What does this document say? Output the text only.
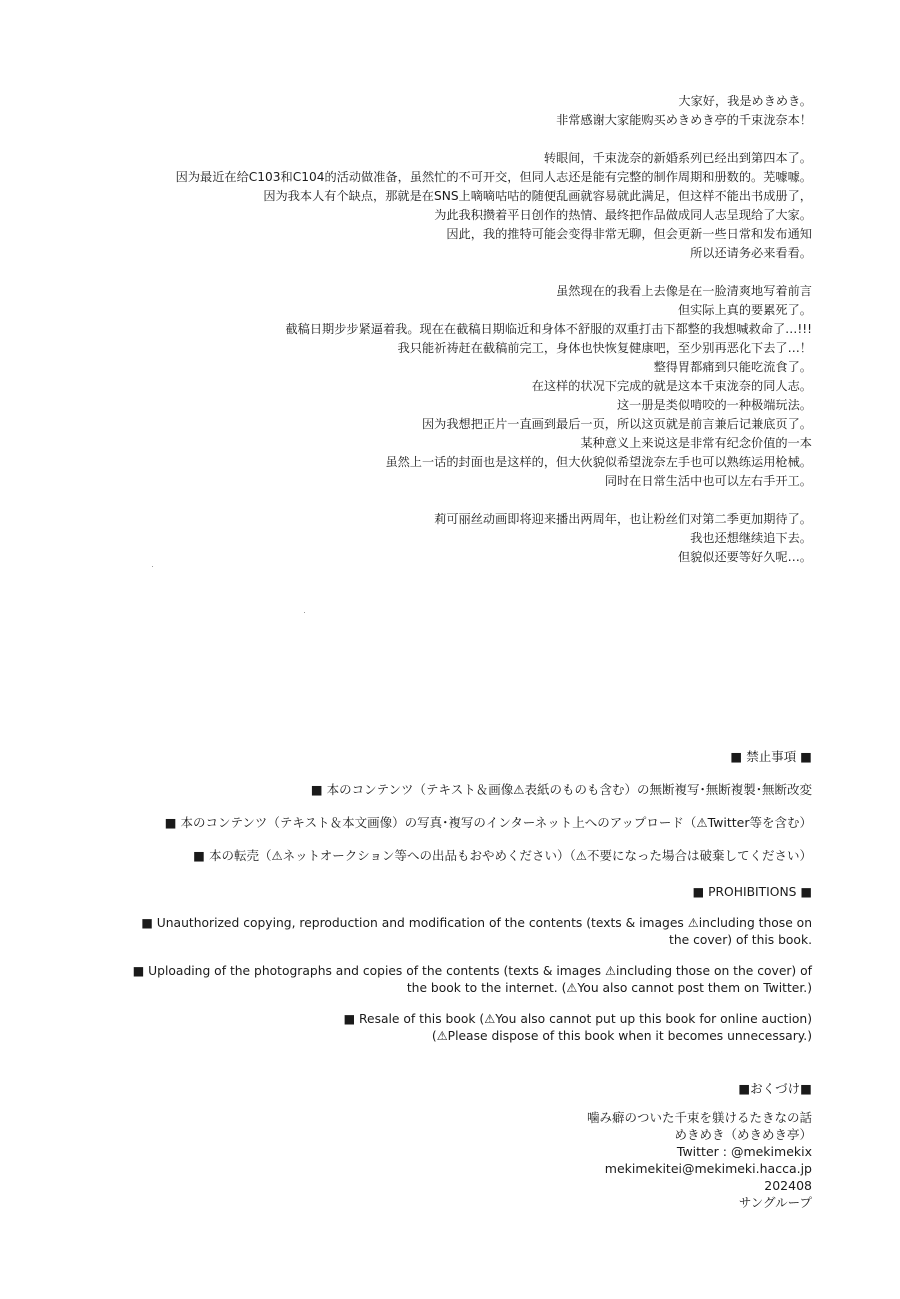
大家好，我是めきめき。
非常感谢大家能购买めきめき亭的千束泷奈本！
转眼间，千束泷奈的新婚系列已经出到第四本了。
因为最近在给C103和C104的活动做准备，虽然忙的不可开交，但同人志还是能有完整的制作周期和册数的。芜噱噱。
因为我本人有个缺点，那就是在SNS上嘀嘀咕咕的随便乱画就容易就此满足，但这样不能出书成册了，
为此我积攒着平日创作的热情、最终把作品做成同人志呈现给了大家。
因此，我的推特可能会变得非常无聊，但会更新一些日常和发布通知
所以还请务必来看看。
虽然现在的我看上去像是在一脸清爽地写着前言
但实际上真的要累死了。
截稿日期步步紧逼着我。现在在截稿日期临近和身体不舒服的双重打击下都整的我想喊救命了…!!!
我只能祈祷赶在截稿前完工，身体也快恢复健康吧，至少别再恶化下去了…！
整得胃都痛到只能吃流食了。
在这样的状况下完成的就是这本千束泷奈的同人志。
这一册是类似啃咬的一种极端玩法。
因为我想把正片一直画到最后一页，所以这页就是前言兼后记兼底页了。
某种意义上来说这是非常有纪念价值的一本
虽然上一话的封面也是这样的，但大伙貌似希望泷奈左手也可以熟练运用枪械。
同时在日常生活中也可以左右手开工。
莉可丽丝动画即将迎来播出两周年，也让粉丝们对第二季更加期待了。
我也还想继续追下去。
但貌似还要等好久呢…。
■ 禁止事項 ■
■ 本のコンテンツ（テキスト＆画像⚠表紙のものも含む）の無断複写･無断複製･無断改変
■ 本のコンテンツ（テキスト＆本文画像）の写真･複写のインターネット上へのアップロード（⚠Twitter等を含む）
■ 本の転売（⚠ネットオークション等への出品もおやめください）（⚠不要になった場合は破棄してください）
■ PROHIBITIONS ■
■ Unauthorized copying, reproduction and modification of the contents (texts & images ⚠including those on
the cover) of this book.
■ Uploading of the photographs and copies of the contents (texts & images ⚠including those on the cover) of
the book to the internet. (⚠You also cannot post them on Twitter.)
■ Resale of this book (⚠You also cannot put up this book for online auction)
(⚠Please dispose of this book when it becomes unnecessary.)
■おくづけ■
噛み癖のついた千束を躾けるたきなの話
めきめき（めきめき亭）
Twitter : @mekimekix
mekimekitei@mekimeki.hacca.jp
202408
サングループ
